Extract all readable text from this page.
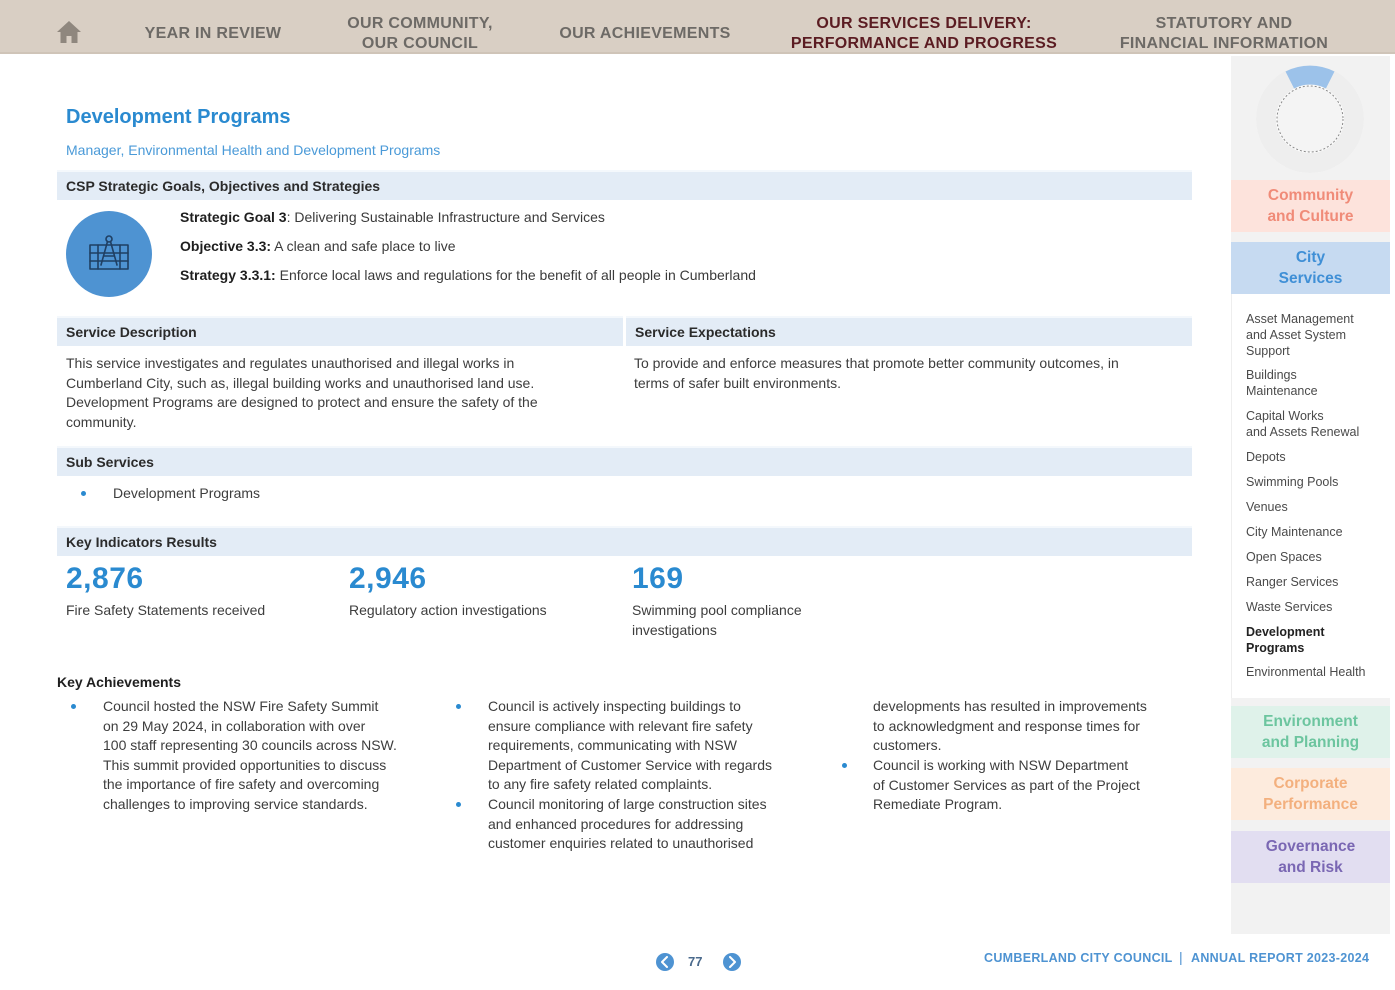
YEAR IN REVIEW
OUR COMMUNITY,
OUR COUNCIL
OUR ACHIEVEMENTS
OUR SERVICES DELIVERY:
PERFORMANCE AND PROGRESS
STATUTORY AND
FINANCIAL INFORMATION
Development Programs
Manager, Environmental Health and Development Programs
CSP Strategic Goals, Objectives and Strategies
Strategic Goal 3: Delivering Sustainable Infrastructure and Services
Objective 3.3: A clean and safe place to live
Strategy 3.3.1: Enforce local laws and regulations for the benefit of all people in Cumberland
Service Description	Service Expectations
This service investigates and regulates unauthorised and illegal works in
Cumberland City, such as, illegal building works and unauthorised land use.
Development Programs are designed to protect and ensure the safety of the
community.
To provide and enforce measures that promote better community outcomes, in
terms of safer built environments.
Sub Services
Development Programs
Key Indicators Results
2,876
Fire Safety Statements received
2,946
Regulatory action investigations
169
Swimming pool compliance
investigations
Key Achievements
Council hosted the NSW Fire Safety Summit
on 29 May 2024, in collaboration with over
100 staff representing 30 councils across NSW.
This summit provided opportunities to discuss
the importance of fire safety and overcoming
challenges to improving service standards.
Council is actively inspecting buildings to
ensure compliance with relevant fire safety
requirements, communicating with NSW
Department of Customer Service with regards
to any fire safety related complaints.
Council monitoring of large construction sites
and enhanced procedures for addressing
customer enquiries related to unauthorised
developments has resulted in improvements
to acknowledgment and response times for
customers.
Council is working with NSW Department
of Customer Services as part of the Project
Remediate Program.
Community
and Culture
City
Services
Asset Management
and Asset System
Support
Buildings
Maintenance
Capital Works
and Assets Renewal
Depots
Swimming Pools
Venues
City Maintenance
Open Spaces
Ranger Services
Waste Services
Development
Programs
Environmental Health
Environment
and Planning
Corporate
Performance
Governance
and Risk
77	CUMBERLAND CITY COUNCIL | ANNUAL REPORT 2023-2024
